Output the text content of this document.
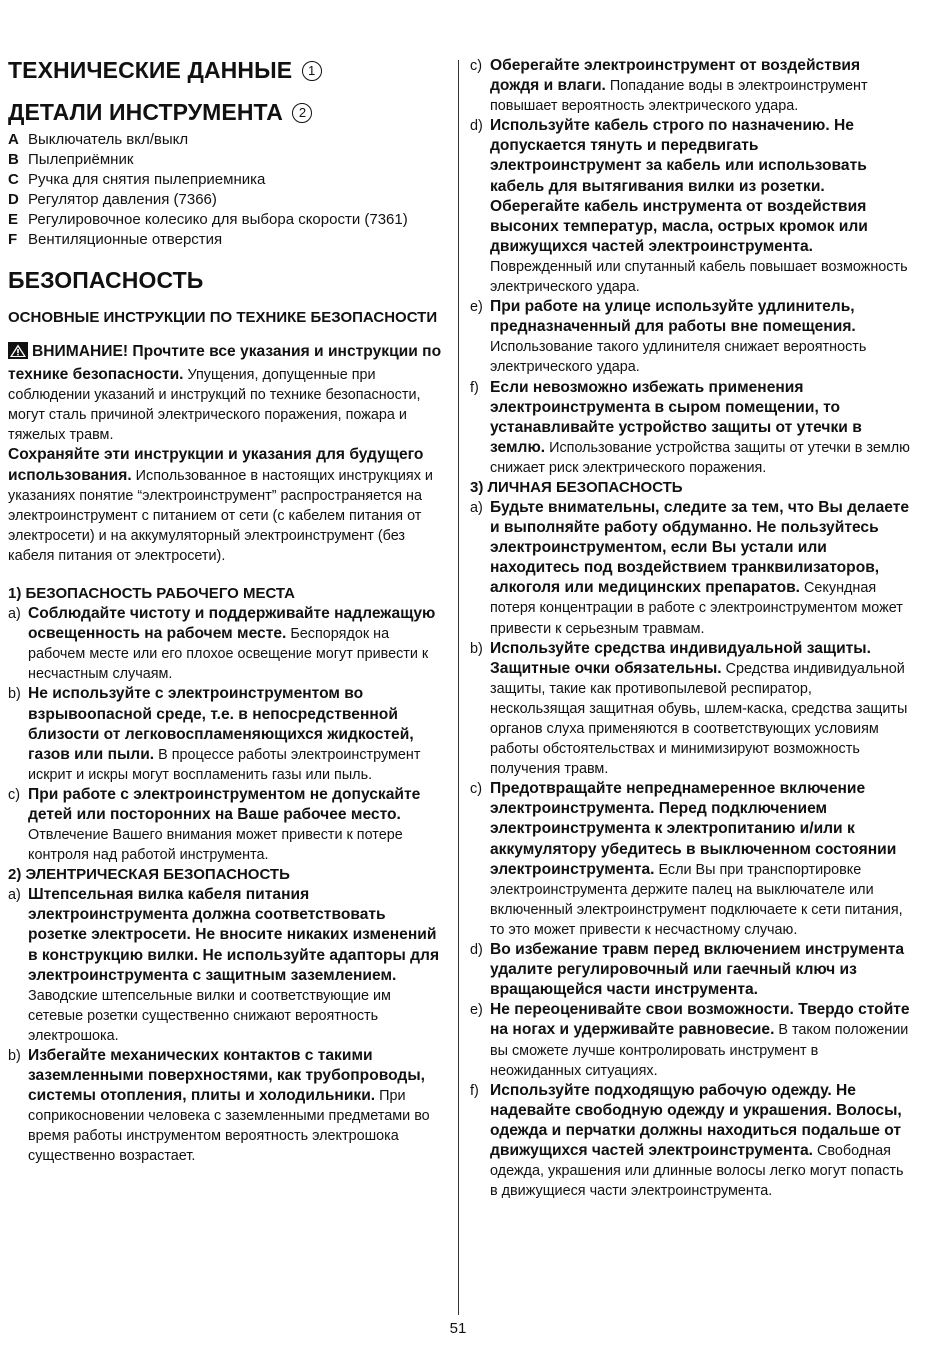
ТЕХНИЧЕСКИЕ ДАННЫЕ 1
ДЕТАЛИ ИНСТРУМЕНТА 2
A Выключатель вкл/выкл
B Пылеприёмник
C Ручка для снятия пылеприемника
D Регулятор давления (7366)
E Регулировочное колесико для выбора скорости (7361)
F Вентиляционные отверстия
БЕЗОПАСНОСТЬ
ОСНОВНЫЕ ИНСТРУКЦИИ ПО ТЕХНИКЕ БЕЗОПАСНОСТИ

ВНИМАНИЕ! Прочтите все указания и инструкции по технике безопасности. Упущения, допущенные при соблюдении указаний и инструкций по технике безопасности, могут сталь причиной электрического поражения, пожара и тяжелых травм.

Сохраняйте эти инструкции и указания для будущего использования. Использованное в настоящих инструкциях и указаниях понятие “электроинструмент” распространяется на электроинструмент с питанием от сети (с кабелем питания от электросети) и на аккумуляторный электроинструмент (без кабеля питания от электросети).

1) БЕЗОПАСНОСТЬ РАБОЧЕГО МЕСТА
a) Соблюдайте чистоту и поддерживайте надлежащую освещенность на рабочем месте. Беспорядок на рабочем месте или его плохое освещение могут привести к несчастным случаям.
b) Не используйте с электроинструментом во взрывоопасной среде, т.е. в непосредственной близости от легковоспламеняющихся жидкостей, газов или пыли. В процессе работы электроинструмент искрит и искры могут воспламенить газы или пыль.
c) При работе с электроинструментом не допускайте детей или посторонних на Ваше рабочее место. Отвлечение Вашего внимания может привести к потере контроля над работой инструмента.
2) ЭЛЕНТРИЧЕСКАЯ БЕЗОПАСНОСТЬ
a) Штепсельная вилка кабеля питания электроинструмента должна соответствовать розетке электросети. Не вносите никаких изменений в конструкцию вилки. Не используйте адапторы для электроинструмента с защитным заземлением. Заводские штепсельные вилки и соответствующие им сетевые розетки существенно снижают вероятность электрошока.
b) Избегайте механических контактов с такими заземленными поверхностями, как трубопроводы, системы отопления, плиты и холодильники. При соприкосновении человека с заземленными предметами во время работы инструментом вероятность электрошока существенно возрастает.
c) Оберегайте электроинструмент от воздействия дождя и влаги. Попадание воды в электроинструмент повышает вероятность электрического удара.
d) Используйте кабель строго по назначению. Не допускается тянуть и передвигать электроинструмент за кабель или использовать кабель для вытягивания вилки из розетки. Оберегайте кабель инструмента от воздействия высоних температур, масла, острых кромок или движущихся частей электроинструмента. Поврежденный или спутанный кабель повышает возможность электрического удара.
e) При работе на улице используйте удлинитель, предназначенный для работы вне помещения. Использование такого удлинителя снижает вероятность электрического удара.
f) Если невозможно избежать применения электроинструмента в сыром помещении, то устанавливайте устройство защиты от утечки в землю. Использование устройства защиты от утечки в землю снижает риск электрического поражения.
3) ЛИЧНАЯ БЕЗОПАСНОСТЬ
a) Будьте внимательны, следите за тем, что Вы делаете и выполняйте работу обдуманно. Не пользуйтесь электроинструментом, если Вы устали или находитесь под воздействием транквилизаторов, алкоголя или медицинских препаратов. Секундная потеря концентрации в работе с электроинструментом может привести к серьезным травмам.
b) Используйте средства индивидуальной защиты. Защитные очки обязательны. Средства индивидуальной защиты, такие как противопылевой респиратор, нескользящая защитная обувь, шлем-каска, средства защиты органов слуха применяются в соответствующих условиям работы обстоятельствах и минимизируют возможность получения травм.
c) Предотвращайте непреднамеренное включение электроинструмента. Перед подключением электроинструмента к электропитанию и/или к аккумулятору убедитесь в выключенном состоянии электроинструмента. Если Вы при транспортировке электроинструмента держите палец на выключателе или включенный электроинструмент подключаете к сети питания, то это может привести к несчастному случаю.
d) Во избежание травм перед включением инструмента удалите регулировочный или гаечный ключ из вращающейся части инструмента.
e) Не переоценивайте свои возможности. Твердо стойте на ногах и удерживайте равновесие. В таком положении вы сможете лучше контролировать инструмент в неожиданных ситуациях.
f) Используйте подходящую рабочую одежду. Не надевайте свободную одежду и украшения. Волосы, одежда и перчатки должны находиться подальше от движущихся частей электроинструмента. Свободная одежда, украшения или длинные волосы легко могут попасть в движущиеся части электроинструмента.
51
